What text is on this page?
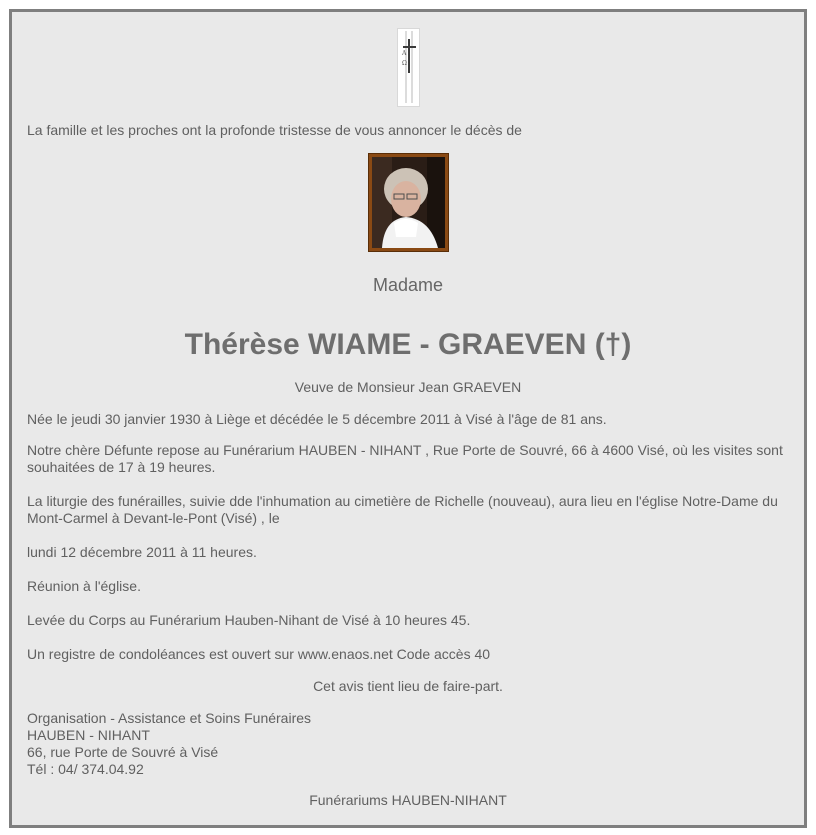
A
Ω
La famille et les proches ont la profonde tristesse de vous annoncer le décès de
Madame
Thérèse WIAME - GRAEVEN (†)
Veuve de Monsieur Jean GRAEVEN
Née le jeudi 30 janvier 1930 à Liège et décédée le 5 décembre 2011 à Visé à l'âge de 81 ans.
Notre chère Défunte repose au Funérarium HAUBEN - NIHANT , Rue Porte de Souvré, 66 à 4600 Visé, où les visites sont souhaitées de 17 à 19 heures.
La liturgie des funérailles, suivie dde l'inhumation au cimetière de Richelle (nouveau), aura lieu en l'église Notre-Dame du Mont-Carmel à Devant-le-Pont (Visé) , le
lundi 12 décembre 2011 à 11 heures.
Réunion à l'église.
Levée du Corps au Funérarium Hauben-Nihant de Visé à 10 heures 45.
Un registre de condoléances est ouvert sur www.enaos.net Code accès 40
Cet avis tient lieu de faire-part.
Organisation - Assistance et Soins Funéraires
HAUBEN - NIHANT
66, rue Porte de Souvré à Visé
Tél : 04/ 374.04.92
Funérariums HAUBEN-NIHANT
